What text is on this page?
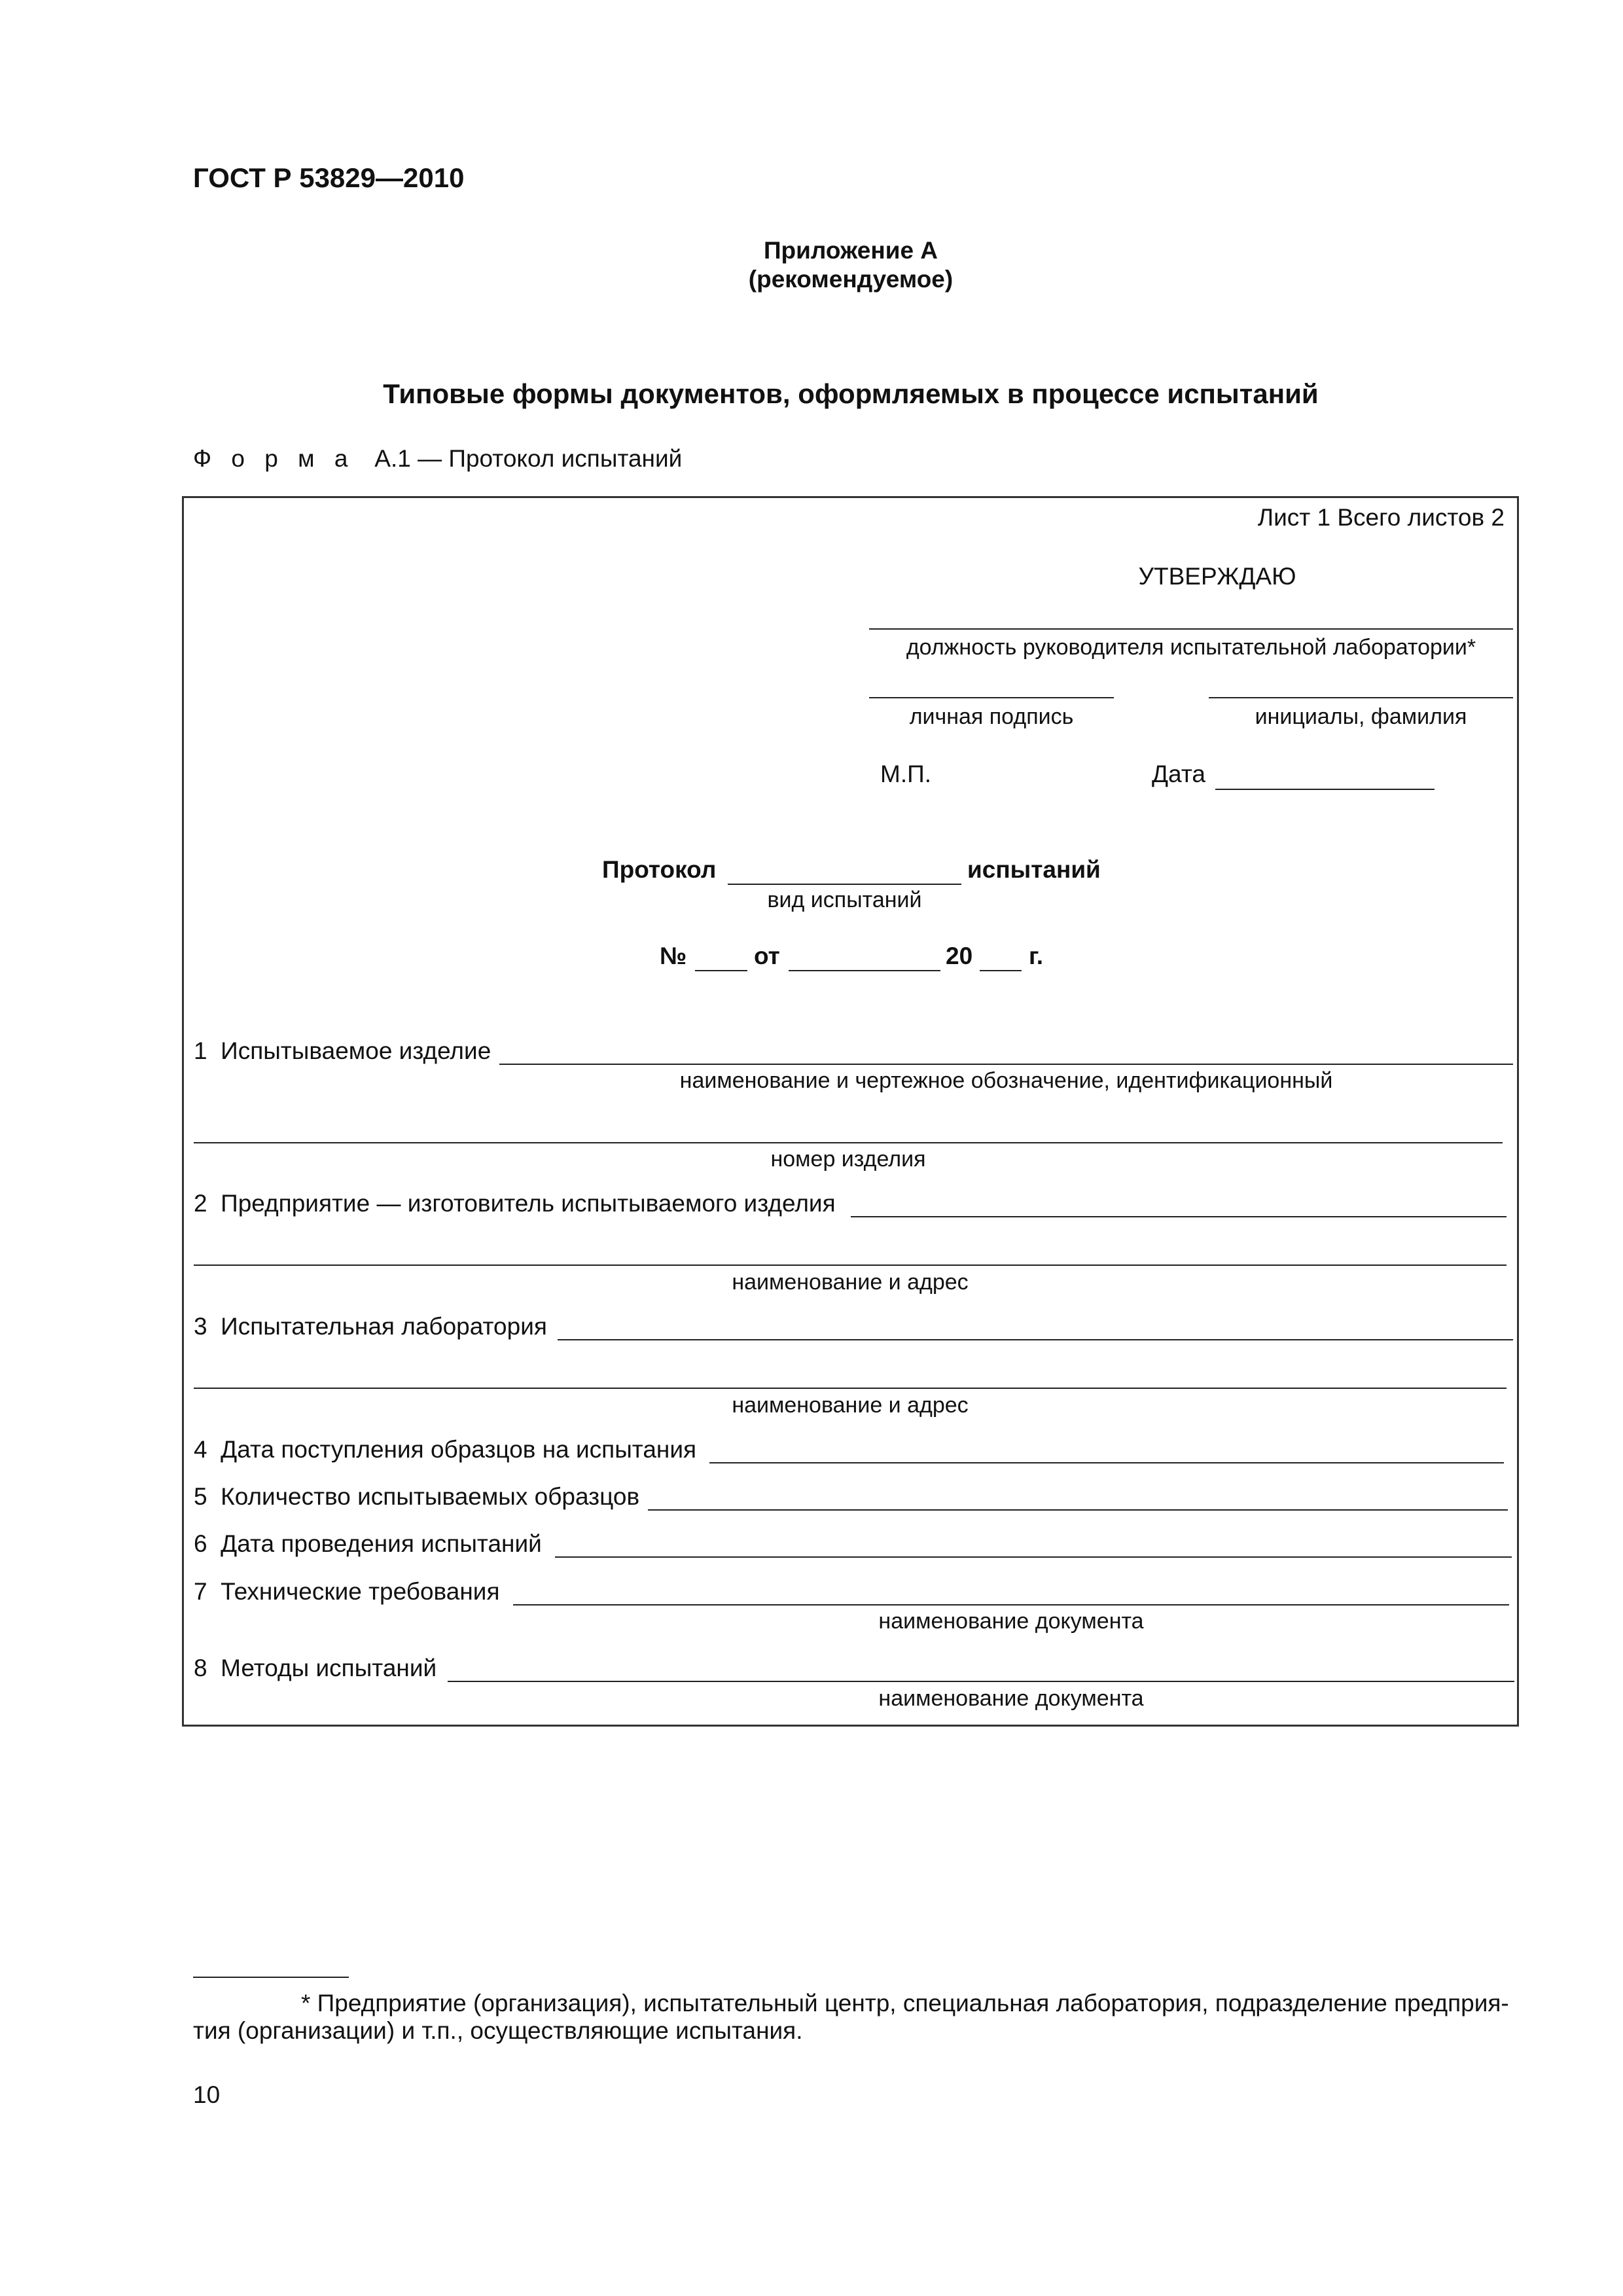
ГОСТ Р 53829—2010
Приложение А
(рекомендуемое)
Типовые формы документов, оформляемых в процессе испытаний
Ф о р м а А.1 — Протокол испытаний
Лист 1 Всего листов 2
УТВЕРЖДАЮ
должность руководителя испытательной лаборатории*
личная подпись	инициалы, фамилия
М.П.	Дата
Протокол	испытаний
вид испытаний
№	от	20 г.
1 Испытываемое изделие
наименование и чертежное обозначение, идентификационный
номер изделия
2 Предприятие — изготовитель испытываемого изделия
наименование и адрес
3 Испытательная лаборатория
наименование и адрес
4 Дата поступления образцов на испытания
5 Количество испытываемых образцов
6 Дата проведения испытаний
7 Технические требования
наименование документа
8 Методы испытаний
наименование документа
* Предприятие (организация), испытательный центр, специальная лаборатория, подразделение предприя-
тия (организации) и т.п., осуществляющие испытания.
10
